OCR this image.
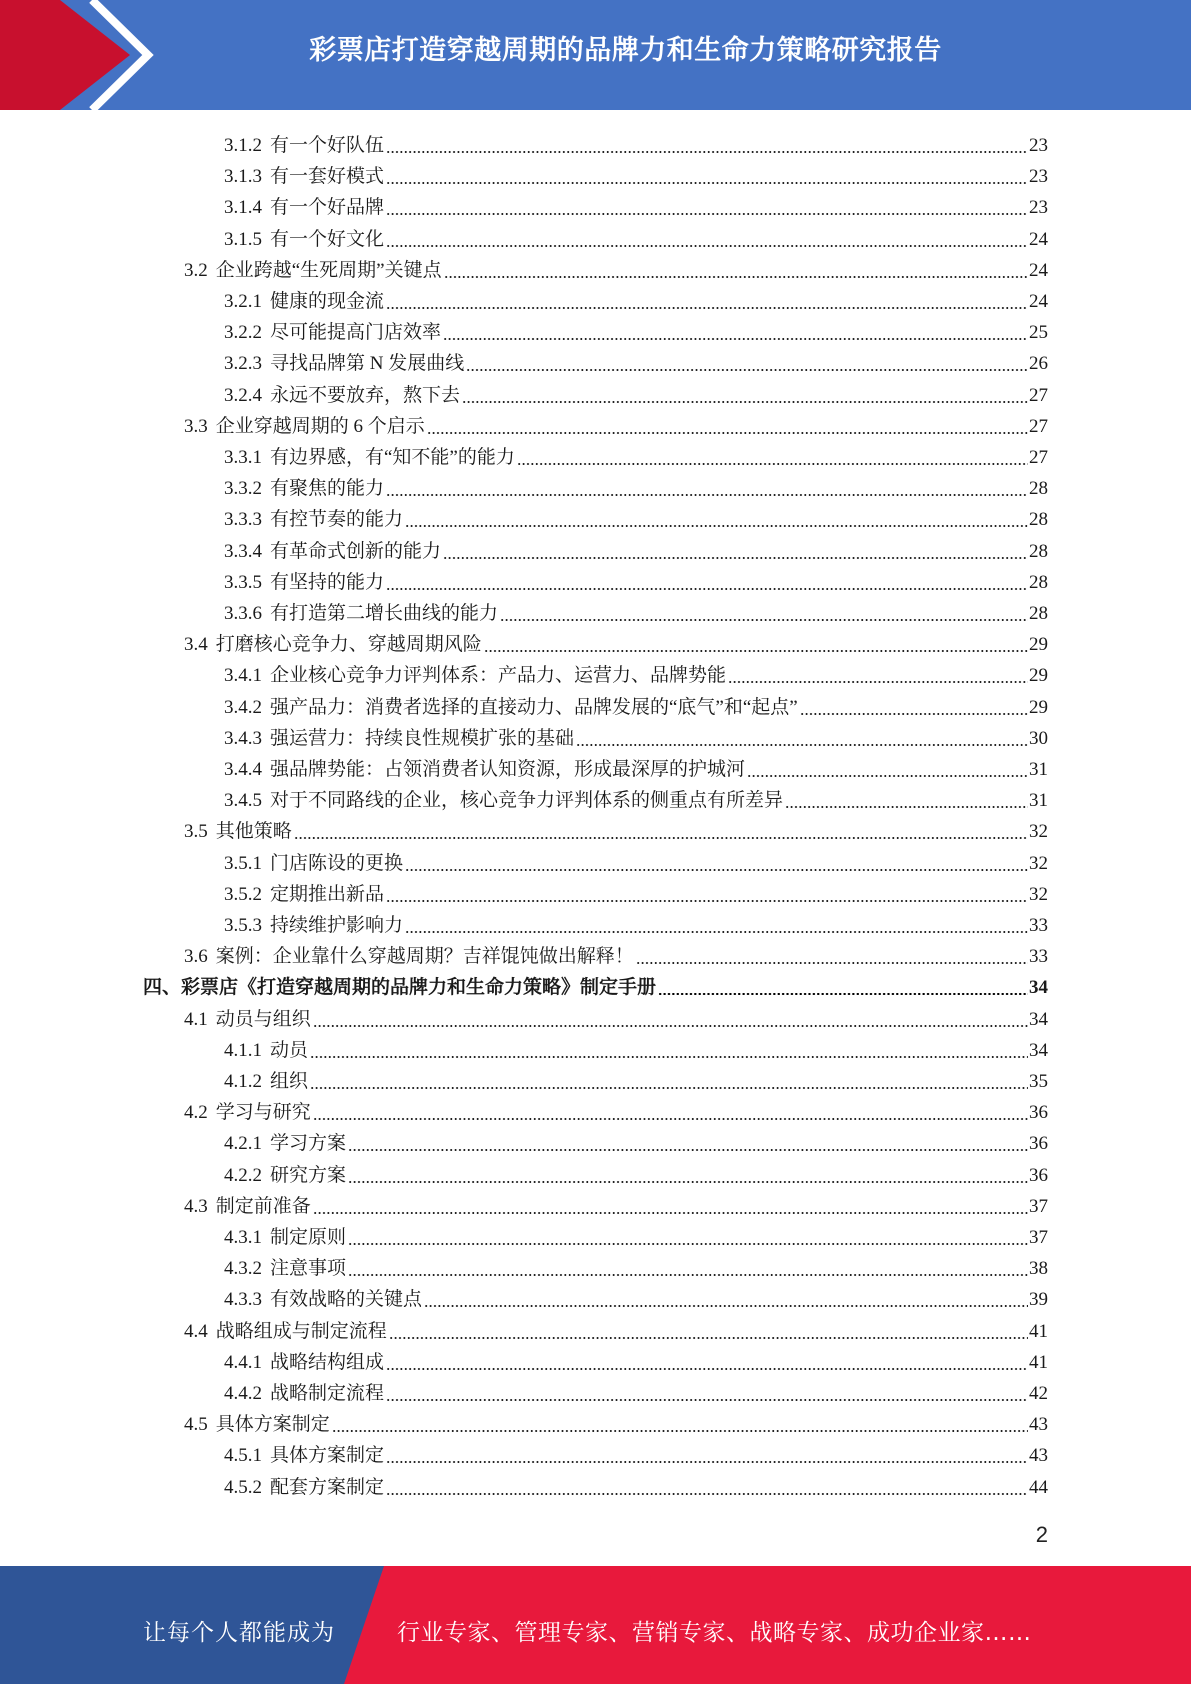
彩票店打造穿越周期的品牌力和生命力策略研究报告
3.1.2 有一个好队伍	23
3.1.3 有一套好模式	23
3.1.4 有一个好品牌	23
3.1.5 有一个好文化	24
3.2 企业跨越“生死周期”关键点	24
3.2.1 健康的现金流	24
3.2.2 尽可能提高门店效率	25
3.2.3 寻找品牌第 N 发展曲线	26
3.2.4 永远不要放弃，熬下去	27
3.3 企业穿越周期的 6 个启示	27
3.3.1 有边界感，有“知不能”的能力	27
3.3.2 有聚焦的能力	28
3.3.3 有控节奏的能力	28
3.3.4 有革命式创新的能力	28
3.3.5 有坚持的能力	28
3.3.6 有打造第二增长曲线的能力	28
3.4 打磨核心竞争力、穿越周期风险	29
3.4.1 企业核心竞争力评判体系：产品力、运营力、品牌势能	29
3.4.2 强产品力：消费者选择的直接动力、品牌发展的“底气”和“起点”	29
3.4.3 强运营力：持续良性规模扩张的基础	30
3.4.4 强品牌势能：占领消费者认知资源，形成最深厚的护城河	31
3.4.5 对于不同路线的企业，核心竞争力评判体系的侧重点有所差异	31
3.5 其他策略	32
3.5.1 门店陈设的更换	32
3.5.2 定期推出新品	32
3.5.3 持续维护影响力	33
3.6 案例：企业靠什么穿越周期？吉祥馄饨做出解释！	33
四、彩票店《打造穿越周期的品牌力和生命力策略》制定手册	34
4.1 动员与组织	34
4.1.1 动员	34
4.1.2 组织	35
4.2 学习与研究	36
4.2.1 学习方案	36
4.2.2 研究方案	36
4.3 制定前准备	37
4.3.1 制定原则	37
4.3.2 注意事项	38
4.3.3 有效战略的关键点	39
4.4 战略组成与制定流程	41
4.4.1 战略结构组成	41
4.4.2 战略制定流程	42
4.5 具体方案制定	43
4.5.1 具体方案制定	43
4.5.2 配套方案制定	44
2
让每个人都能成为	行业专家、管理专家、营销专家、战略专家、成功企业家……
